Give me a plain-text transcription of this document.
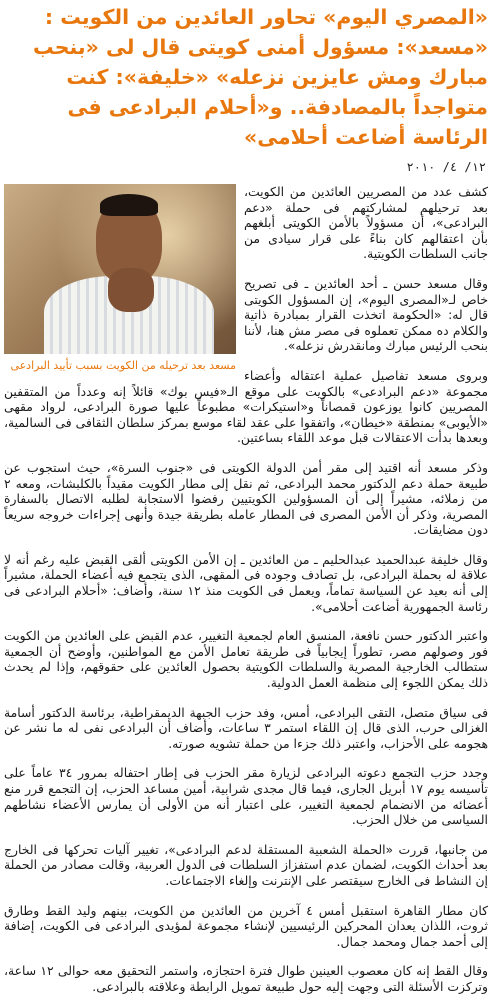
«المصري اليوم» تحاور العائدين من الكويت : «مسعد»: مسؤول أمنى كويتى قال لى «بنحب مبارك ومش عايزين نزعله» «خليفة»: كنت متواجداً بالمصادفة.. و«أحلام البرادعى فى الرئاسة أضاعت أحلامى»
١٢/ ٤/ ٢٠١٠
مسعد بعد ترحيله من الكويت بسبب تأييد البرادعى

كشف عدد من المصريين العائدين من الكويت، بعد ترحيلهم لمشاركتهم فى حملة «دعم البرادعى»، أن مسؤولاً بالأمن الكويتى أبلغهم بأن اعتقالهم كان بناءً على قرار سيادى من جانب السلطات الكويتية.

وقال مسعد حسن ـ أحد العائدين ـ فى تصريح خاص لـ«المصرى اليوم»، إن المسؤول الكويتى قال له: «الحكومة اتخذت القرار بمبادرة ذاتية والكلام ده ممكن تعملوه فى مصر مش هنا، لأننا بنحب الرئيس مبارك ومانقدرش نزعله».

وبروى مسعد تفاصيل عملية اعتقاله وأعضاء مجموعة «دعم البرادعى» بالكويت على موقع الـ«فيس بوك» قائلاً إنه وعدداً من المتقفين المصريين كانوا يوزعون قمصاناً و«استيكرات» مطبوعاً عليها صورة البرادعى، لرواد مقهى «الأيوبى» بمنطقة «خيطان»، واتفقوا على عقد لقاء موسع بمركز سلطان الثقافى فى السالمية، وبعدها بدأت الاعتقالات قبل موعد اللقاء بساعتين.

وذكر مسعد أنه اقتيد إلى مقر أمن الدولة الكويتى فى «جنوب السرة»، حيث استجوب عن طبيعة حملة دعم الدكتور محمد البرادعى، ثم نقل إلى مطار الكويت مقيداً بالكلبشات، ومعه ٢ من زملائه، مشيراً إلى أن المسؤولين الكويتيين رفضوا الاستجابة لطلبه الاتصال بالسفارة المصرية، وذكر أن الأمن المصرى فى المطار عامله بطريقة جيدة وأنهى إجراءات خروجه سريعاً دون مضايقات.

وقال خليفة عبدالحميد عبدالحليم ـ من العائدين ـ إن الأمن الكويتى ألقى القبض عليه رغم أنه لا علاقة له بحملة البرادعى، بل تصادف وجوده فى المقهى، الذى يتجمع فيه أعضاء الحملة، مشيراً إلى أنه بعيد عن السياسة تماماً، ويعمل فى الكويت منذ ١٢ سنة، وأضاف: «أحلام البرادعى فى رئاسة الجمهورية أضاعت أحلامى».

واعتبر الدكتور حسن نافعة، المنسق العام لجمعية التغيير، عدم القبض على العائدين من الكويت فور وصولهم مصر، تطوراً إيجابياً فى طريقة تعامل الأمن مع المواطنين، وأوضح أن الجمعية ستطالب الخارجية المصرية والسلطات الكويتية بحصول العائدين على حقوقهم، وإذا لم يحدث ذلك يمكن اللجوء إلى منظمة العمل الدولية.

فى سياق متصل، التقى البرادعى، أمس، وفد حزب الجبهة الديمقراطية، برئاسة الدكتور أسامة الغزالى حرب، الذى قال إن اللقاء استمر ٣ ساعات، وأضاف أن البرادعى نفى له ما نشر عن هجومه على الأحزاب، واعتبر ذلك جزءا من حملة تشويه صورته.

وجدد حزب التجمع دعوته البرادعى لزيارة مقر الحزب فى إطار احتفاله بمرور ٣٤ عاماً على تأسيسه يوم ١٧ أبريل الجارى، فيما قال مجدى شرابية، أمين مساعد الحزب، إن التجمع قرر منع أعضائه من الانضمام لجمعية التغيير، على اعتبار أنه من الأولى أن يمارس الأعضاء نشاطهم السياسى من خلال الحزب.

من جانبها، قررت «الحملة الشعبية المستقلة لدعم البرادعى»، تغيير آليات تحركها فى الخارج بعد أحداث الكويت، لضمان عدم استفزاز السلطات فى الدول العربية، وقالت مصادر من الحملة إن النشاط فى الخارج سيقتصر على الإنترنت وإلغاء الاجتماعات.

كان مطار القاهرة استقبل أمس ٤ آخرين من العائدين من الكويت، بينهم وليد القط وطارق ثروت، اللذان يعدان المحركين الرئيسيين لإنشاء مجموعة لمؤيدى البرادعى فى الكويت، إضافة إلى أحمد جمال ومحمد جمال.

وقال القط إنه كان معصوب العينين طوال فترة احتجازه، واستمر التحقيق معه حوالى ١٢ ساعة، وتركزت الأسئلة التى وجهت إليه حول طبيعة تمويل الرابطة وعلاقته بالبرادعى.
